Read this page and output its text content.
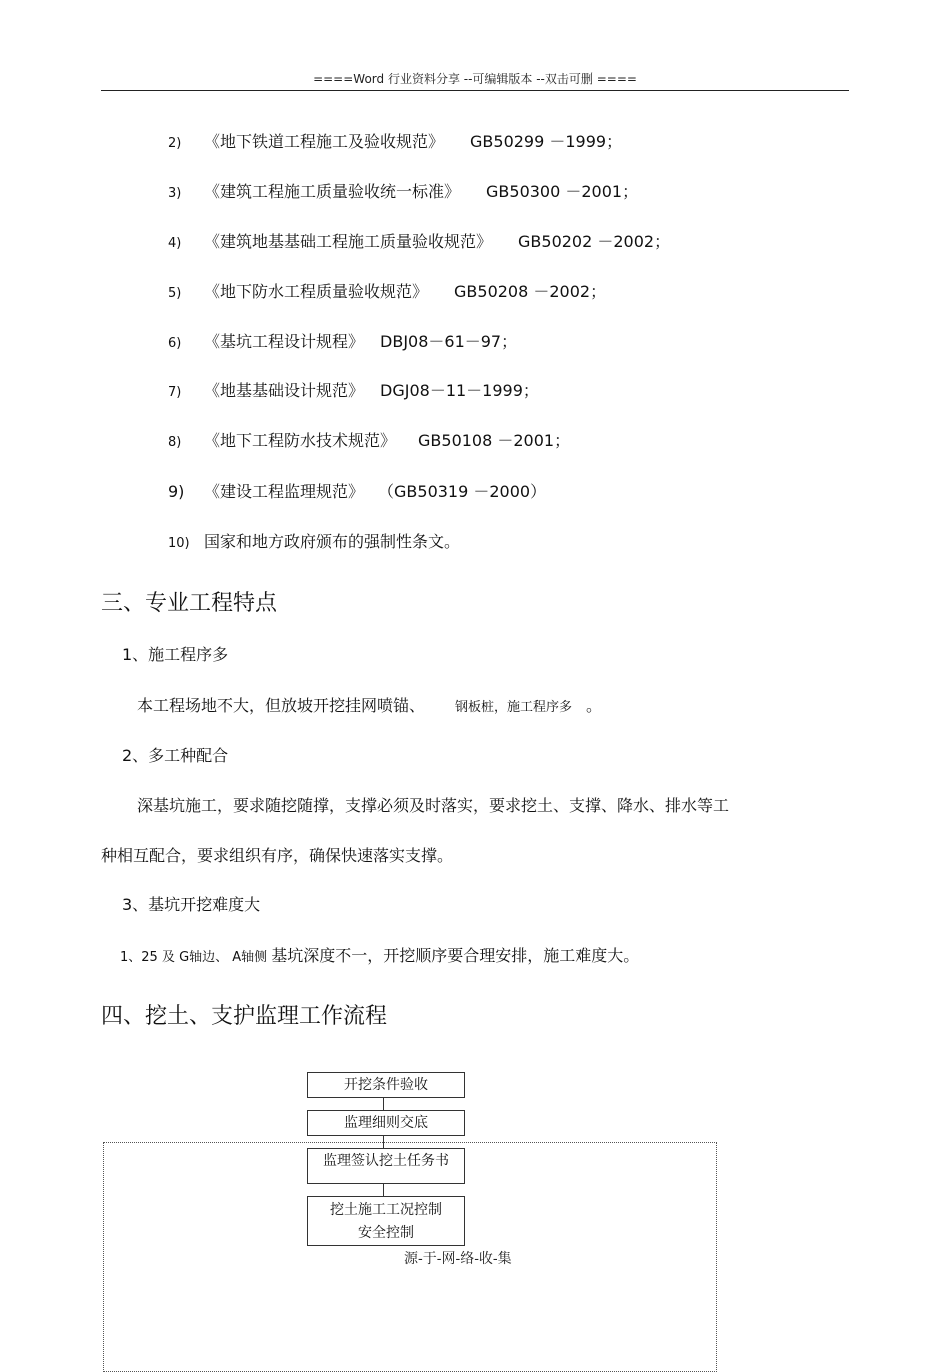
====Word 行业资料分享 --可编辑版本 --双击可删 ====
2) 《地下铁道工程施工及验收规范》 GB50299 －1999；
3) 《建筑工程施工质量验收统一标准》 GB50300 －2001；
4) 《建筑地基基础工程施工质量验收规范》 GB50202 －2002；
5) 《地下防水工程质量验收规范》 GB50208 －2002；
6) 《基坑工程设计规程》 DBJ08－61－97；
7) 《地基基础设计规范》 DGJ08－11－1999；
8) 《地下工程防水技术规范》 GB50108 －2001；
9) 《建设工程监理规范》 （GB50319 －2000）
10) 国家和地方政府颁布的强制性条文。
三、专业工程特点
1、施工程序多
本工程场地不大，但放坡开挖挂网喷锚、 钢板桩，施工程序多 。
2、多工种配合
深基坑施工，要求随挖随撑，支撑必须及时落实，要求挖土、支撑、降水、排水等工
种相互配合，要求组织有序，确保快速落实支撑。
3、基坑开挖难度大
1、25 及 G轴边、 A轴侧 基坑深度不一，开挖顺序要合理安排，施工难度大。
四、挖土、支护监理工作流程
开挖条件验收
监理细则交底
监理签认挖土任务书
挖土施工工况控制
安全控制
源-于-网-络-收-集
